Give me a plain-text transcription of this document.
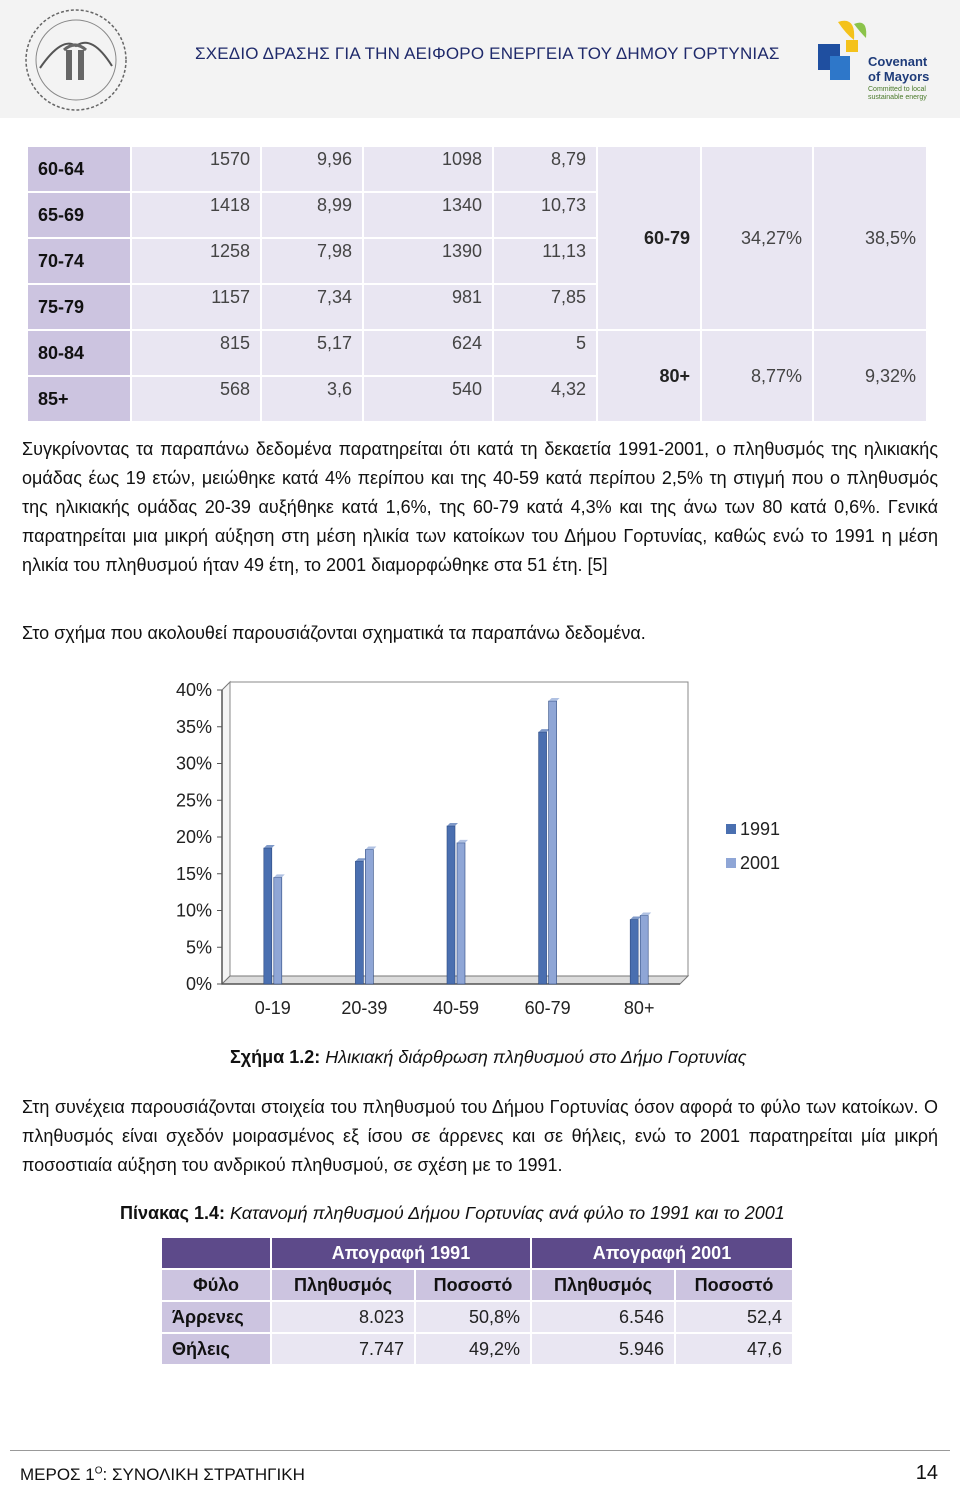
ΣΧΕΔΙΟ ΔΡΑΣΗΣ ΓΙΑ ΤΗΝ ΑΕΙΦΟΡΟ ΕΝΕΡΓΕΙΑ ΤΟΥ ΔΗΜΟΥ ΓΟΡΤΥΝΙΑΣ	Covenant
of Mayors
Committed to local
sustainable energy
60-64	1570	9,96	1098	8,79
65-69	1418	8,99	1340	10,73
70-74	1258	7,98	1390	11,13
75-79	1157	7,34	981	7,85
80-84	815	5,17	624	5
85+	568	3,6	540	4,32
60-79	34,27%	38,5%
80+	8,77%	9,32%
Συγκρίνοντας τα παραπάνω δεδομένα παρατηρείται ότι κατά τη δεκαετία 1991-2001, ο πληθυσμός της ηλικιακής ομάδας έως 19 ετών, μειώθηκε κατά 4% περίπου και της 40-59 κατά περίπου 2,5% τη στιγμή που ο πληθυσμός της ηλικιακής ομάδας 20-39 αυξήθηκε κατά 1,6%, της 60-79 κατά 4,3% και της άνω των 80 κατά 0,6%. Γενικά παρατηρείται μια μικρή αύξηση στη μέση ηλικία των κατοίκων του Δήμου Γορτυνίας, καθώς ενώ το 1991 η μέση ηλικία του πληθυσμού ήταν 49 έτη, το 2001 διαμορφώθηκε στα 51 έτη. [5]
Στο σχήμα που ακολουθεί παρουσιάζονται σχηματικά τα παραπάνω δεδομένα.
0%
5%
10%
15%
20%
25%
30%
35%
40%
0-19	20-39	40-59	60-79	80+
1991
2001
Σχήμα 1.2: Ηλικιακή διάρθρωση πληθυσμού στο Δήμο Γορτυνίας
Στη συνέχεια παρουσιάζονται στοιχεία του πληθυσμού του Δήμου Γορτυνίας όσον αφορά το φύλο των κατοίκων. Ο πληθυσμός είναι σχεδόν μοιρασμένος εξ ίσου σε άρρενες και σε θήλεις, ενώ το 2001 παρατηρείται μία μικρή ποσοστιαία αύξηση του ανδρικού πληθυσμού, σε σχέση με το 1991.
Πίνακας 1.4: Κατανομή πληθυσμού Δήμου Γορτυνίας ανά φύλο το 1991 και το 2001
Απογραφή 1991	Απογραφή 2001
Φύλο	Πληθυσμός	Ποσοστό	Πληθυσμός	Ποσοστό
Άρρενες	8.023	50,8%	6.546	52,4
Θήλεις	7.747	49,2%	5.946	47,6
ΜΕΡΟΣ $1^O$: ΣΥΝΟΛΙΚΗ ΣΤΡΑΤΗΓΙΚΗ	14
